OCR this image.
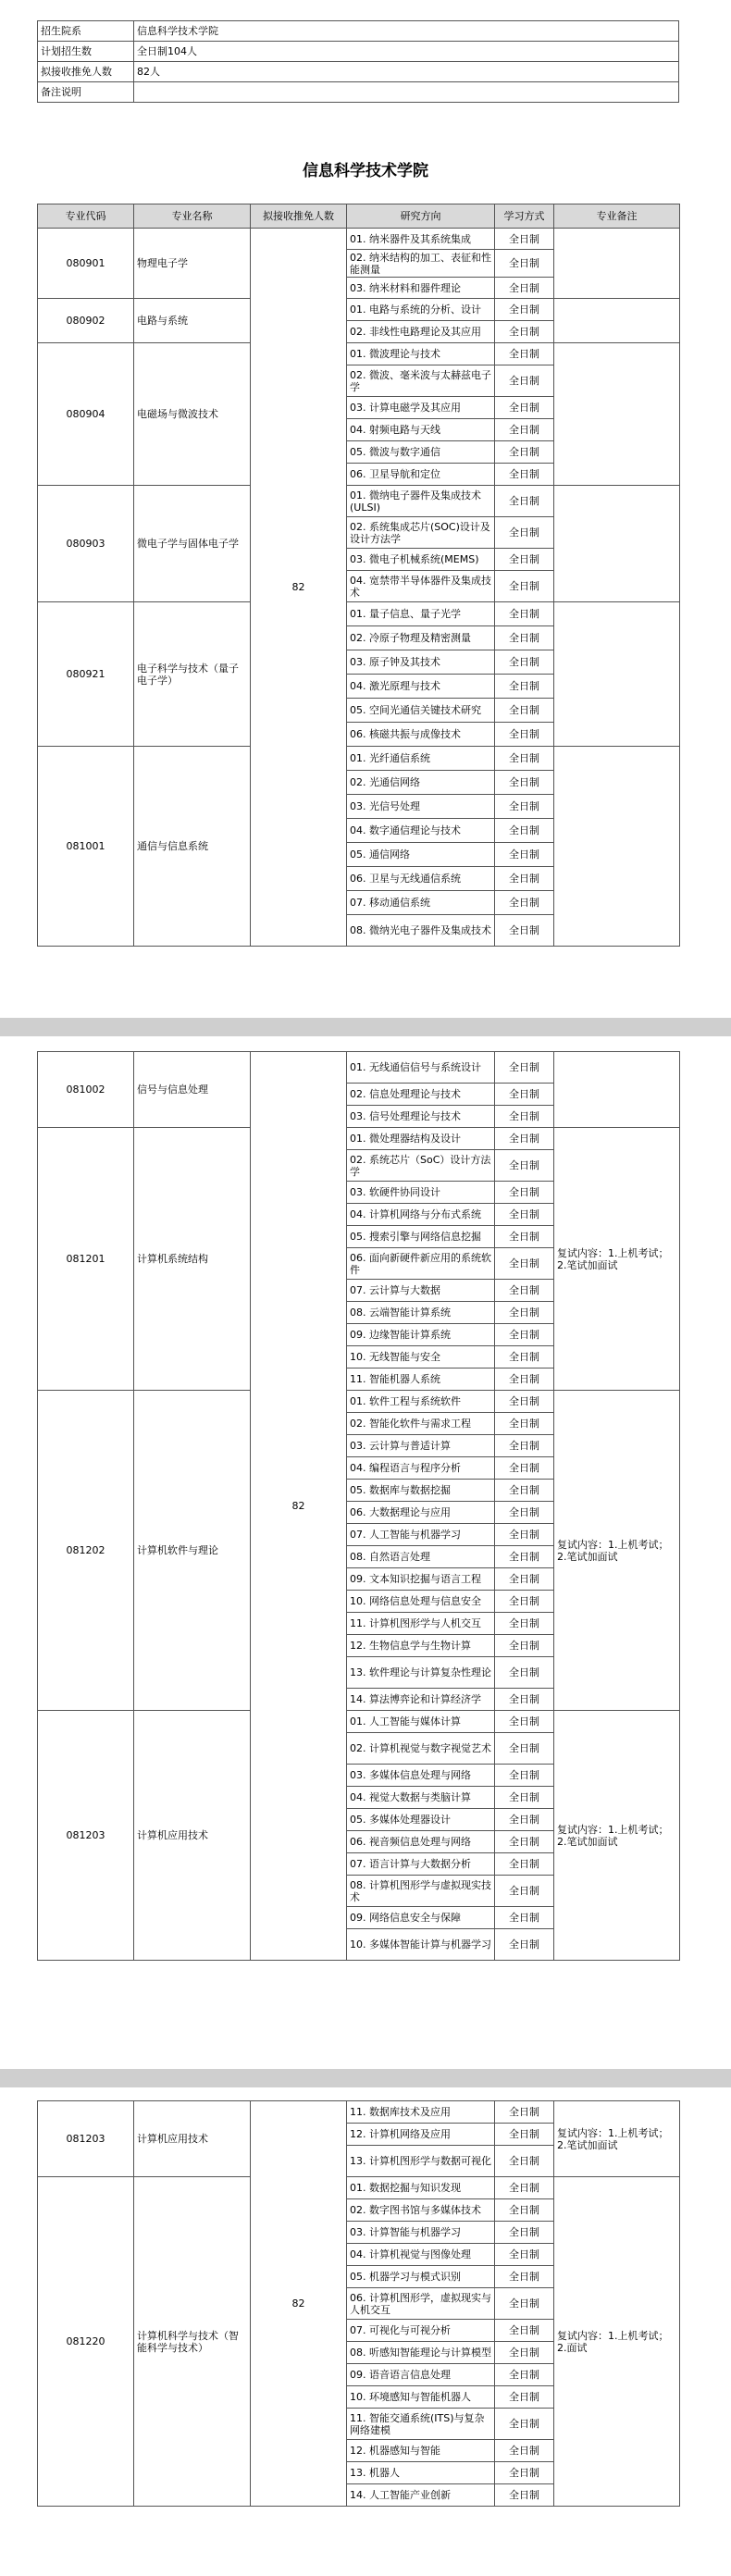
招生院系	信息科学技术学院
计划招生数	全日制104人
拟接收推免人数	82人
备注说明	
信息科学技术学院
专业代码	专业名称	拟接收推免人数	研究方向	学习方式	专业备注
080901	物理电子学	82	01. 纳米器件及其系统集成	全日制	
			02. 纳米结构的加工、表征和性能测量	全日制	
			03. 纳米材料和器件理论	全日制	
080902	电路与系统		01. 电路与系统的分析、设计	全日制	
			02. 非线性电路理论及其应用	全日制	
080904	电磁场与微波技术		01. 微波理论与技术	全日制	
			02. 微波、毫米波与太赫兹电子学	全日制	
			03. 计算电磁学及其应用	全日制	
			04. 射频电路与天线	全日制	
			05. 微波与数字通信	全日制	
			06. 卫星导航和定位	全日制	
080903	微电子学与固体电子学		01. 微纳电子器件及集成技术(ULSI)	全日制	
			02. 系统集成芯片(SOC)设计及设计方法学	全日制	
			03. 微电子机械系统(MEMS)	全日制	
			04. 宽禁带半导体器件及集成技术	全日制	
080921	电子科学与技术（量子电子学）		01. 量子信息、量子光学	全日制	
			02. 冷原子物理及精密测量	全日制	
			03. 原子钟及其技术	全日制	
			04. 激光原理与技术	全日制	
			05. 空间光通信关键技术研究	全日制	
			06. 核磁共振与成像技术	全日制	
081001	通信与信息系统		01. 光纤通信系统	全日制	
			02. 光通信网络	全日制	
			03. 光信号处理	全日制	
			04. 数字通信理论与技术	全日制	
			05. 通信网络	全日制	
			06. 卫星与无线通信系统	全日制	
			07. 移动通信系统	全日制	
			08. 微纳光电子器件及集成技术	全日制	
081002	信号与信息处理	82	01. 无线通信信号与系统设计	全日制	
			02. 信息处理理论与技术	全日制	
			03. 信号处理理论与技术	全日制	
081201	计算机系统结构		01. 微处理器结构及设计	全日制	复试内容：1.上机考试；2.笔试加面试
			02. 系统芯片（SoC）设计方法学	全日制	
			03. 软硬件协同设计	全日制	
			04. 计算机网络与分布式系统	全日制	
			05. 搜索引擎与网络信息挖掘	全日制	
			06. 面向新硬件新应用的系统软件	全日制	
			07. 云计算与大数据	全日制	
			08. 云端智能计算系统	全日制	
			09. 边缘智能计算系统	全日制	
			10. 无线智能与安全	全日制	
			11. 智能机器人系统	全日制	
081202	计算机软件与理论		01. 软件工程与系统软件	全日制	复试内容：1.上机考试；2.笔试加面试
			02. 智能化软件与需求工程	全日制	
			03. 云计算与普适计算	全日制	
			04. 编程语言与程序分析	全日制	
			05. 数据库与数据挖掘	全日制	
			06. 大数据理论与应用	全日制	
			07. 人工智能与机器学习	全日制	
			08. 自然语言处理	全日制	
			09. 文本知识挖掘与语言工程	全日制	
			10. 网络信息处理与信息安全	全日制	
			11. 计算机图形学与人机交互	全日制	
			12. 生物信息学与生物计算	全日制	
			13. 软件理论与计算复杂性理论	全日制	
			14. 算法博弈论和计算经济学	全日制	
081203	计算机应用技术		01. 人工智能与媒体计算	全日制	复试内容：1.上机考试；2.笔试加面试
			02. 计算机视觉与数字视觉艺术	全日制	
			03. 多媒体信息处理与网络	全日制	
			04. 视觉大数据与类脑计算	全日制	
			05. 多媒体处理器设计	全日制	
			06. 视音频信息处理与网络	全日制	
			07. 语言计算与大数据分析	全日制	
			08. 计算机图形学与虚拟现实技术	全日制	
			09. 网络信息安全与保障	全日制	
			10. 多媒体智能计算与机器学习	全日制	
081203	计算机应用技术	82	11. 数据库技术及应用	全日制	复试内容：1.上机考试；2.笔试加面试
			12. 计算机网络及应用	全日制	
			13. 计算机图形学与数据可视化	全日制	
081220	计算机科学与技术（智能科学与技术）		01. 数据挖掘与知识发现	全日制	复试内容：1.上机考试；2.面试
			02. 数字图书馆与多媒体技术	全日制	
			03. 计算智能与机器学习	全日制	
			04. 计算机视觉与图像处理	全日制	
			05. 机器学习与模式识别	全日制	
			06. 计算机图形学，虚拟现实与人机交互	全日制	
			07. 可视化与可视分析	全日制	
			08. 听感知智能理论与计算模型	全日制	
			09. 语音语言信息处理	全日制	
			10. 环境感知与智能机器人	全日制	
			11. 智能交通系统(ITS)与复杂网络建模	全日制	
			12. 机器感知与智能	全日制	
			13. 机器人	全日制	
			14. 人工智能产业创新	全日制	
